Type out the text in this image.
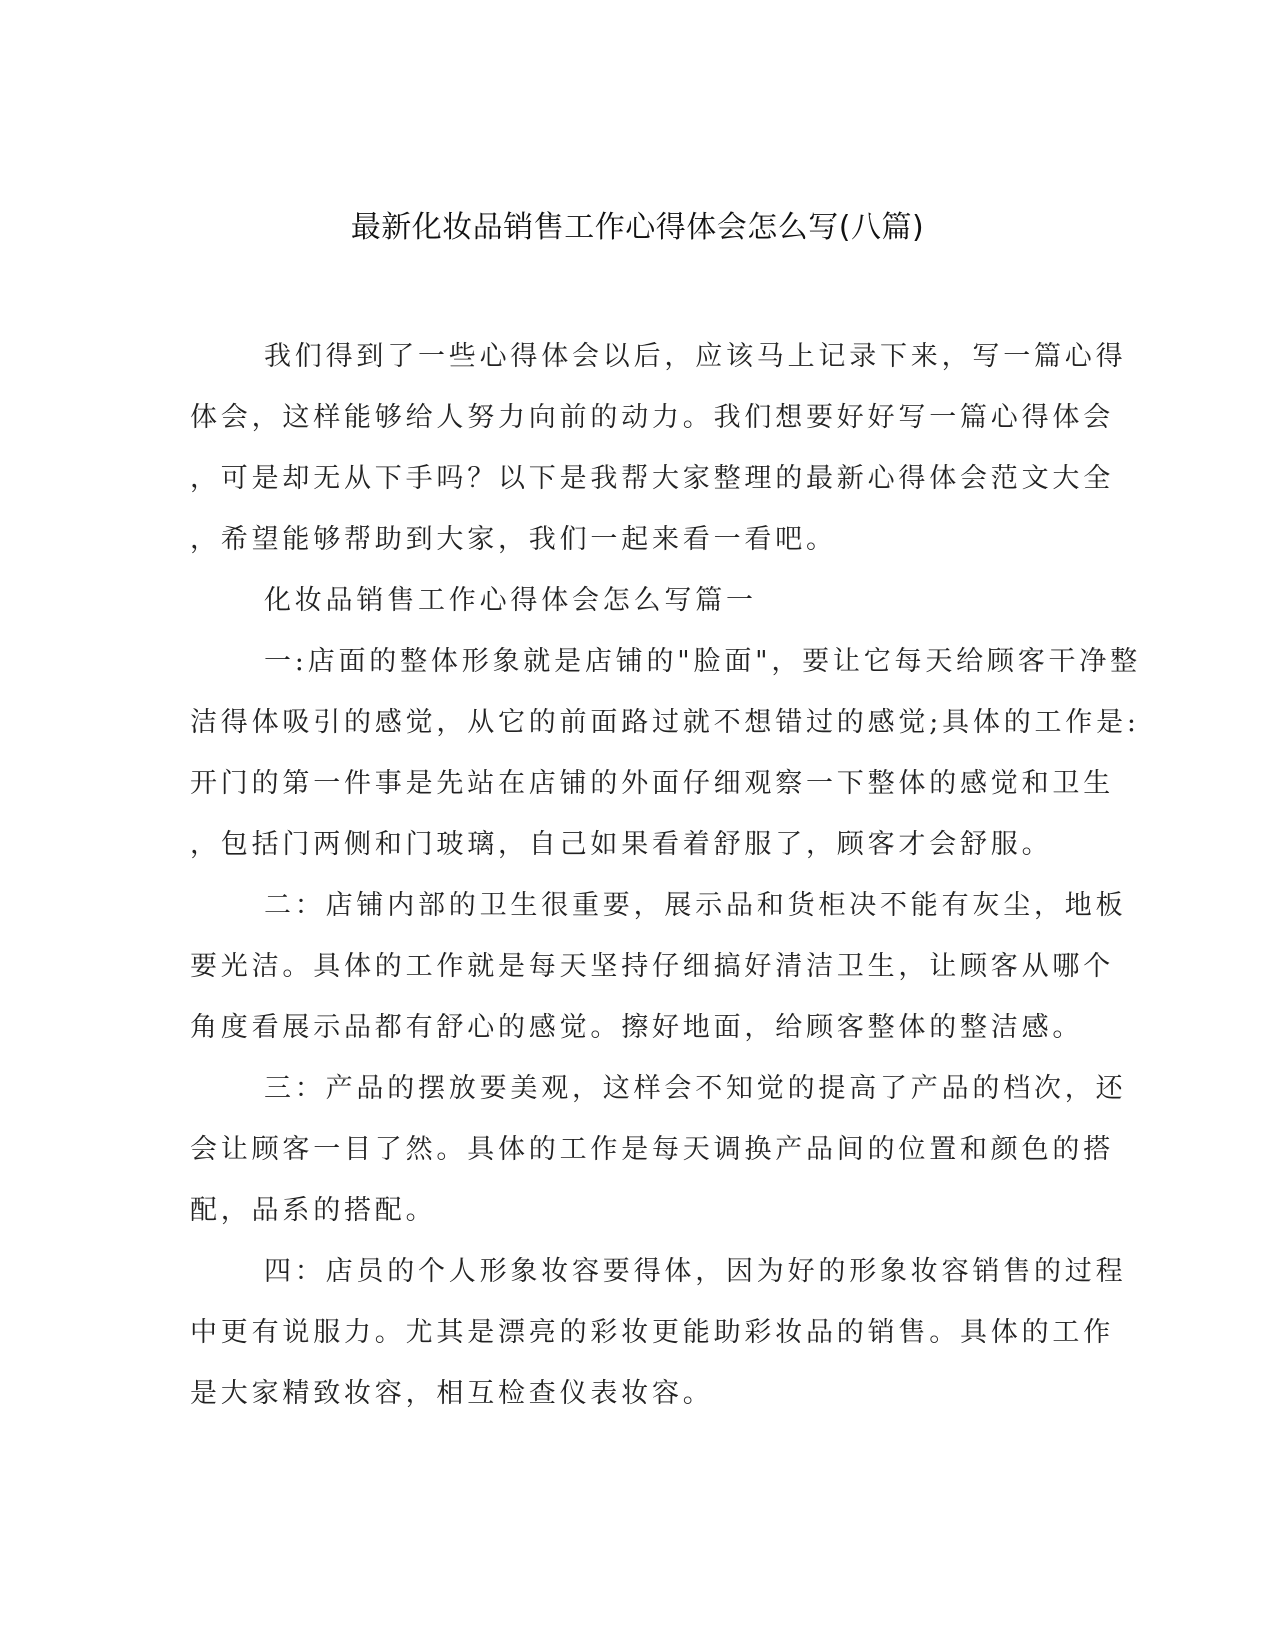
最新化妆品销售工作心得体会怎么写(八篇)
我们得到了一些心得体会以后，应该马上记录下来，写一篇心得
体会，这样能够给人努力向前的动力。我们想要好好写一篇心得体会
，可是却无从下手吗？以下是我帮大家整理的最新心得体会范文大全
，希望能够帮助到大家，我们一起来看一看吧。
化妆品销售工作心得体会怎么写篇一
一:店面的整体形象就是店铺的"脸面"，要让它每天给顾客干净整
洁得体吸引的感觉，从它的前面路过就不想错过的感觉;具体的工作是:
开门的第一件事是先站在店铺的外面仔细观察一下整体的感觉和卫生
，包括门两侧和门玻璃，自己如果看着舒服了，顾客才会舒服。
二：店铺内部的卫生很重要，展示品和货柜决不能有灰尘，地板
要光洁。具体的工作就是每天坚持仔细搞好清洁卫生，让顾客从哪个
角度看展示品都有舒心的感觉。擦好地面，给顾客整体的整洁感。
三：产品的摆放要美观，这样会不知觉的提高了产品的档次，还
会让顾客一目了然。具体的工作是每天调换产品间的位置和颜色的搭
配，品系的搭配。
四：店员的个人形象妆容要得体，因为好的形象妆容销售的过程
中更有说服力。尤其是漂亮的彩妆更能助彩妆品的销售。具体的工作
是大家精致妆容，相互检查仪表妆容。
